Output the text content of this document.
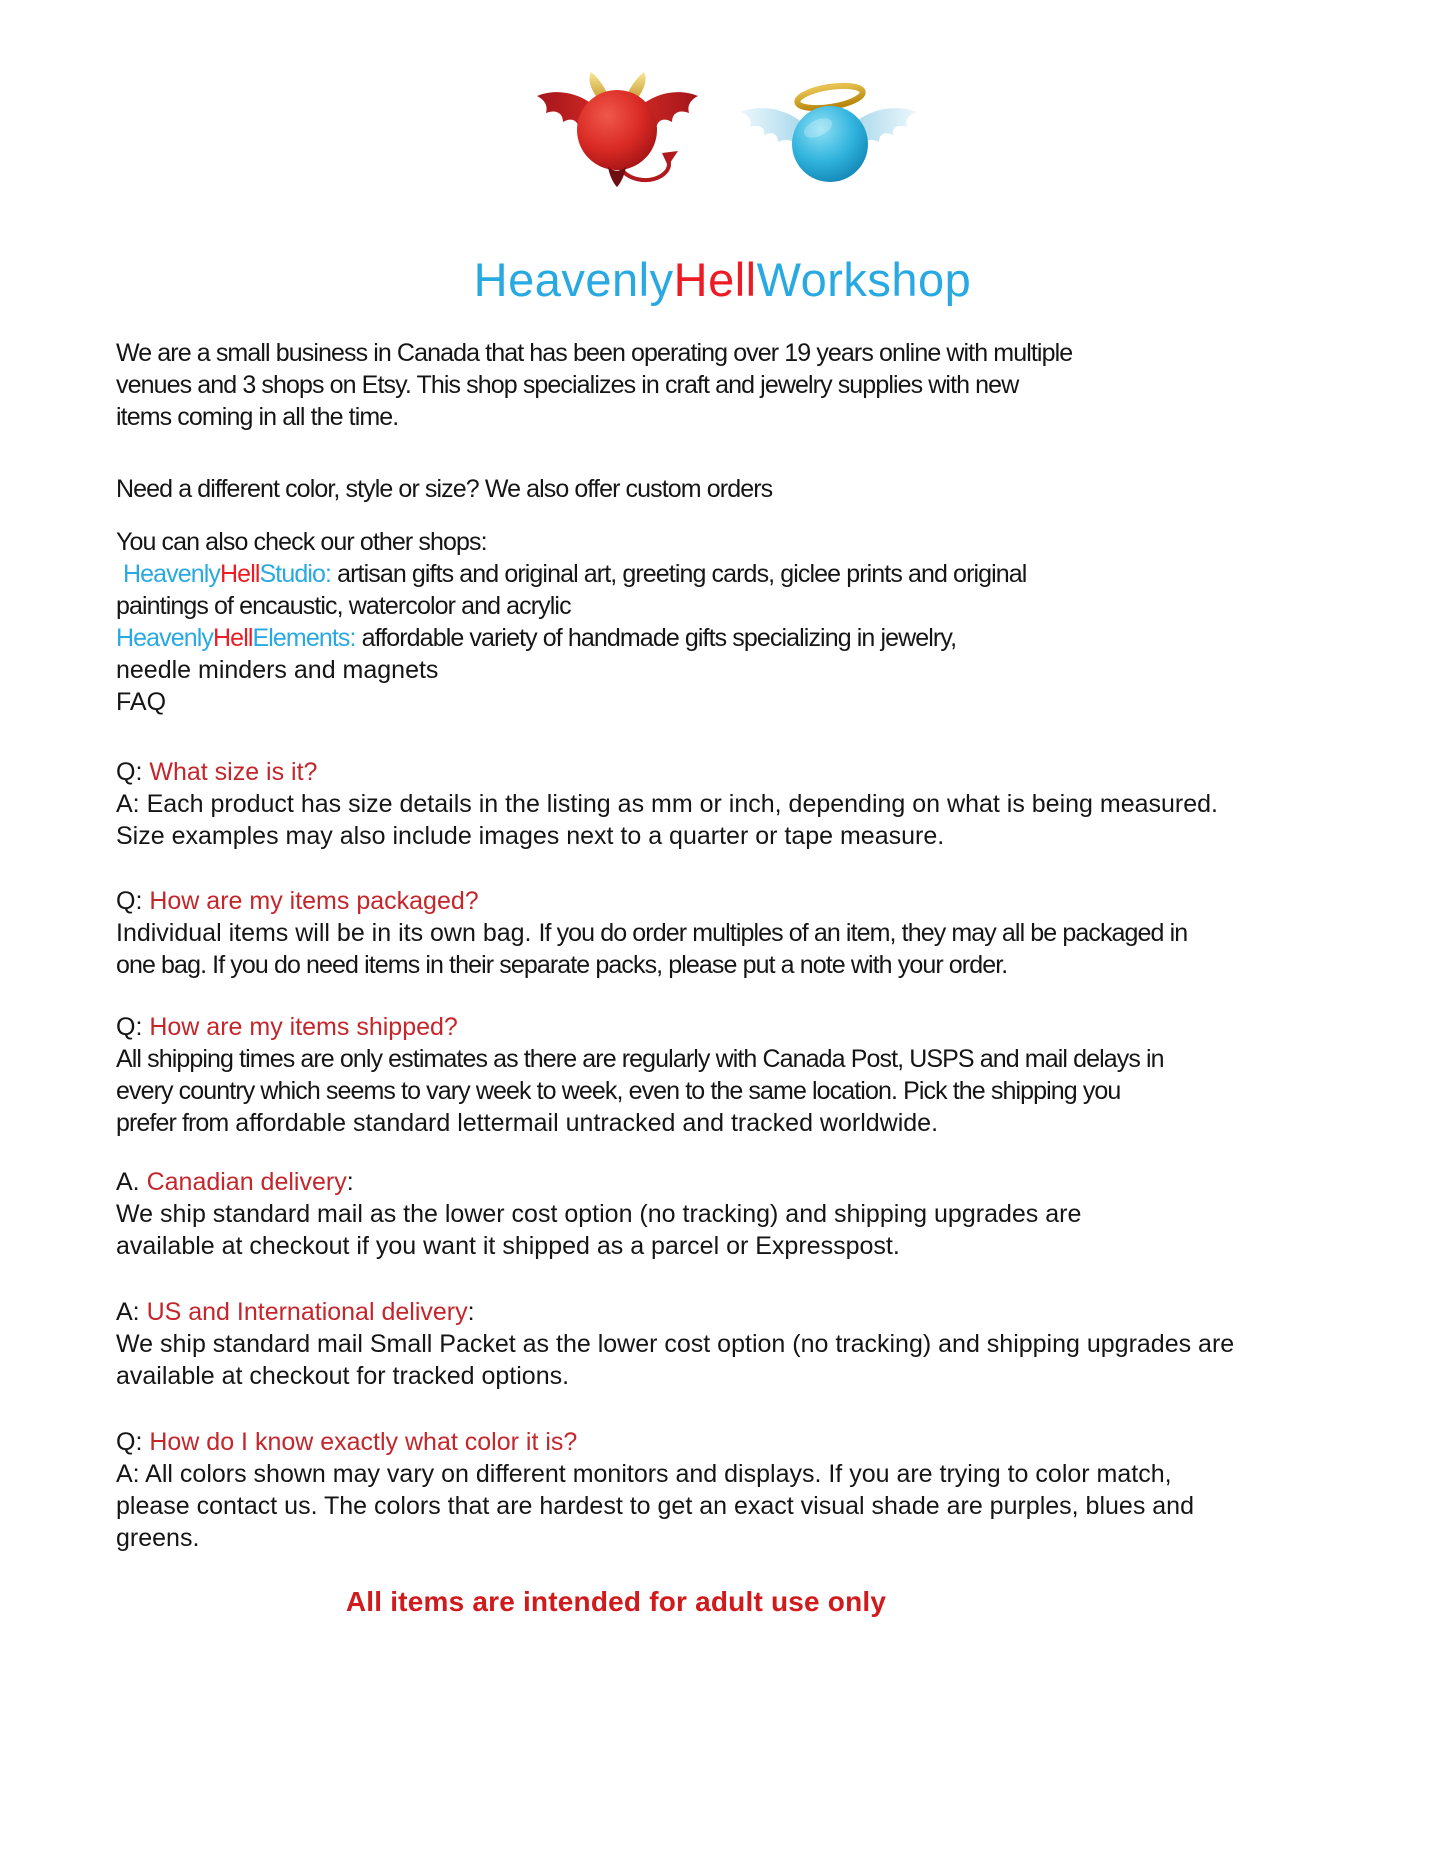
HeavenlyHellWorkshop
We are a small business in Canada that has been operating over 19 years online with multiple
venues and 3 shops on Etsy. This shop specializes in craft and jewelry supplies with new
items coming in all the time.
Need a different color, style or size? We also offer custom orders
You can also check our other shops:
HeavenlyHellStudio: artisan gifts and original art, greeting cards, giclee prints and original
paintings of encaustic, watercolor and acrylic
HeavenlyHellElements: affordable variety of handmade gifts specializing in jewelry,
needle minders and magnets
FAQ
Q: What size is it?
A: Each product has size details in the listing as mm or inch, depending on what is being measured.
Size examples may also include images next to a quarter or tape measure.
Q: How are my items packaged?
Individual items will be in its own bag. If you do order multiples of an item, they may all be packaged in
one bag. If you do need items in their separate packs, please put a note with your order.
Q: How are my items shipped?
All shipping times are only estimates as there are regularly with Canada Post, USPS and mail delays in
every country which seems to vary week to week, even to the same location. Pick the shipping you
prefer from affordable standard lettermail untracked and tracked worldwide.
A. Canadian delivery:
We ship standard mail as the lower cost option (no tracking) and shipping upgrades are
available at checkout if you want it shipped as a parcel or Expresspost.
A: US and International delivery:
We ship standard mail Small Packet as the lower cost option (no tracking) and shipping upgrades are
available at checkout for tracked options.
Q: How do I know exactly what color it is?
A: All colors shown may vary on different monitors and displays. If you are trying to color match,
please contact us. The colors that are hardest to get an exact visual shade are purples, blues and
greens.
All items are intended for adult use only
